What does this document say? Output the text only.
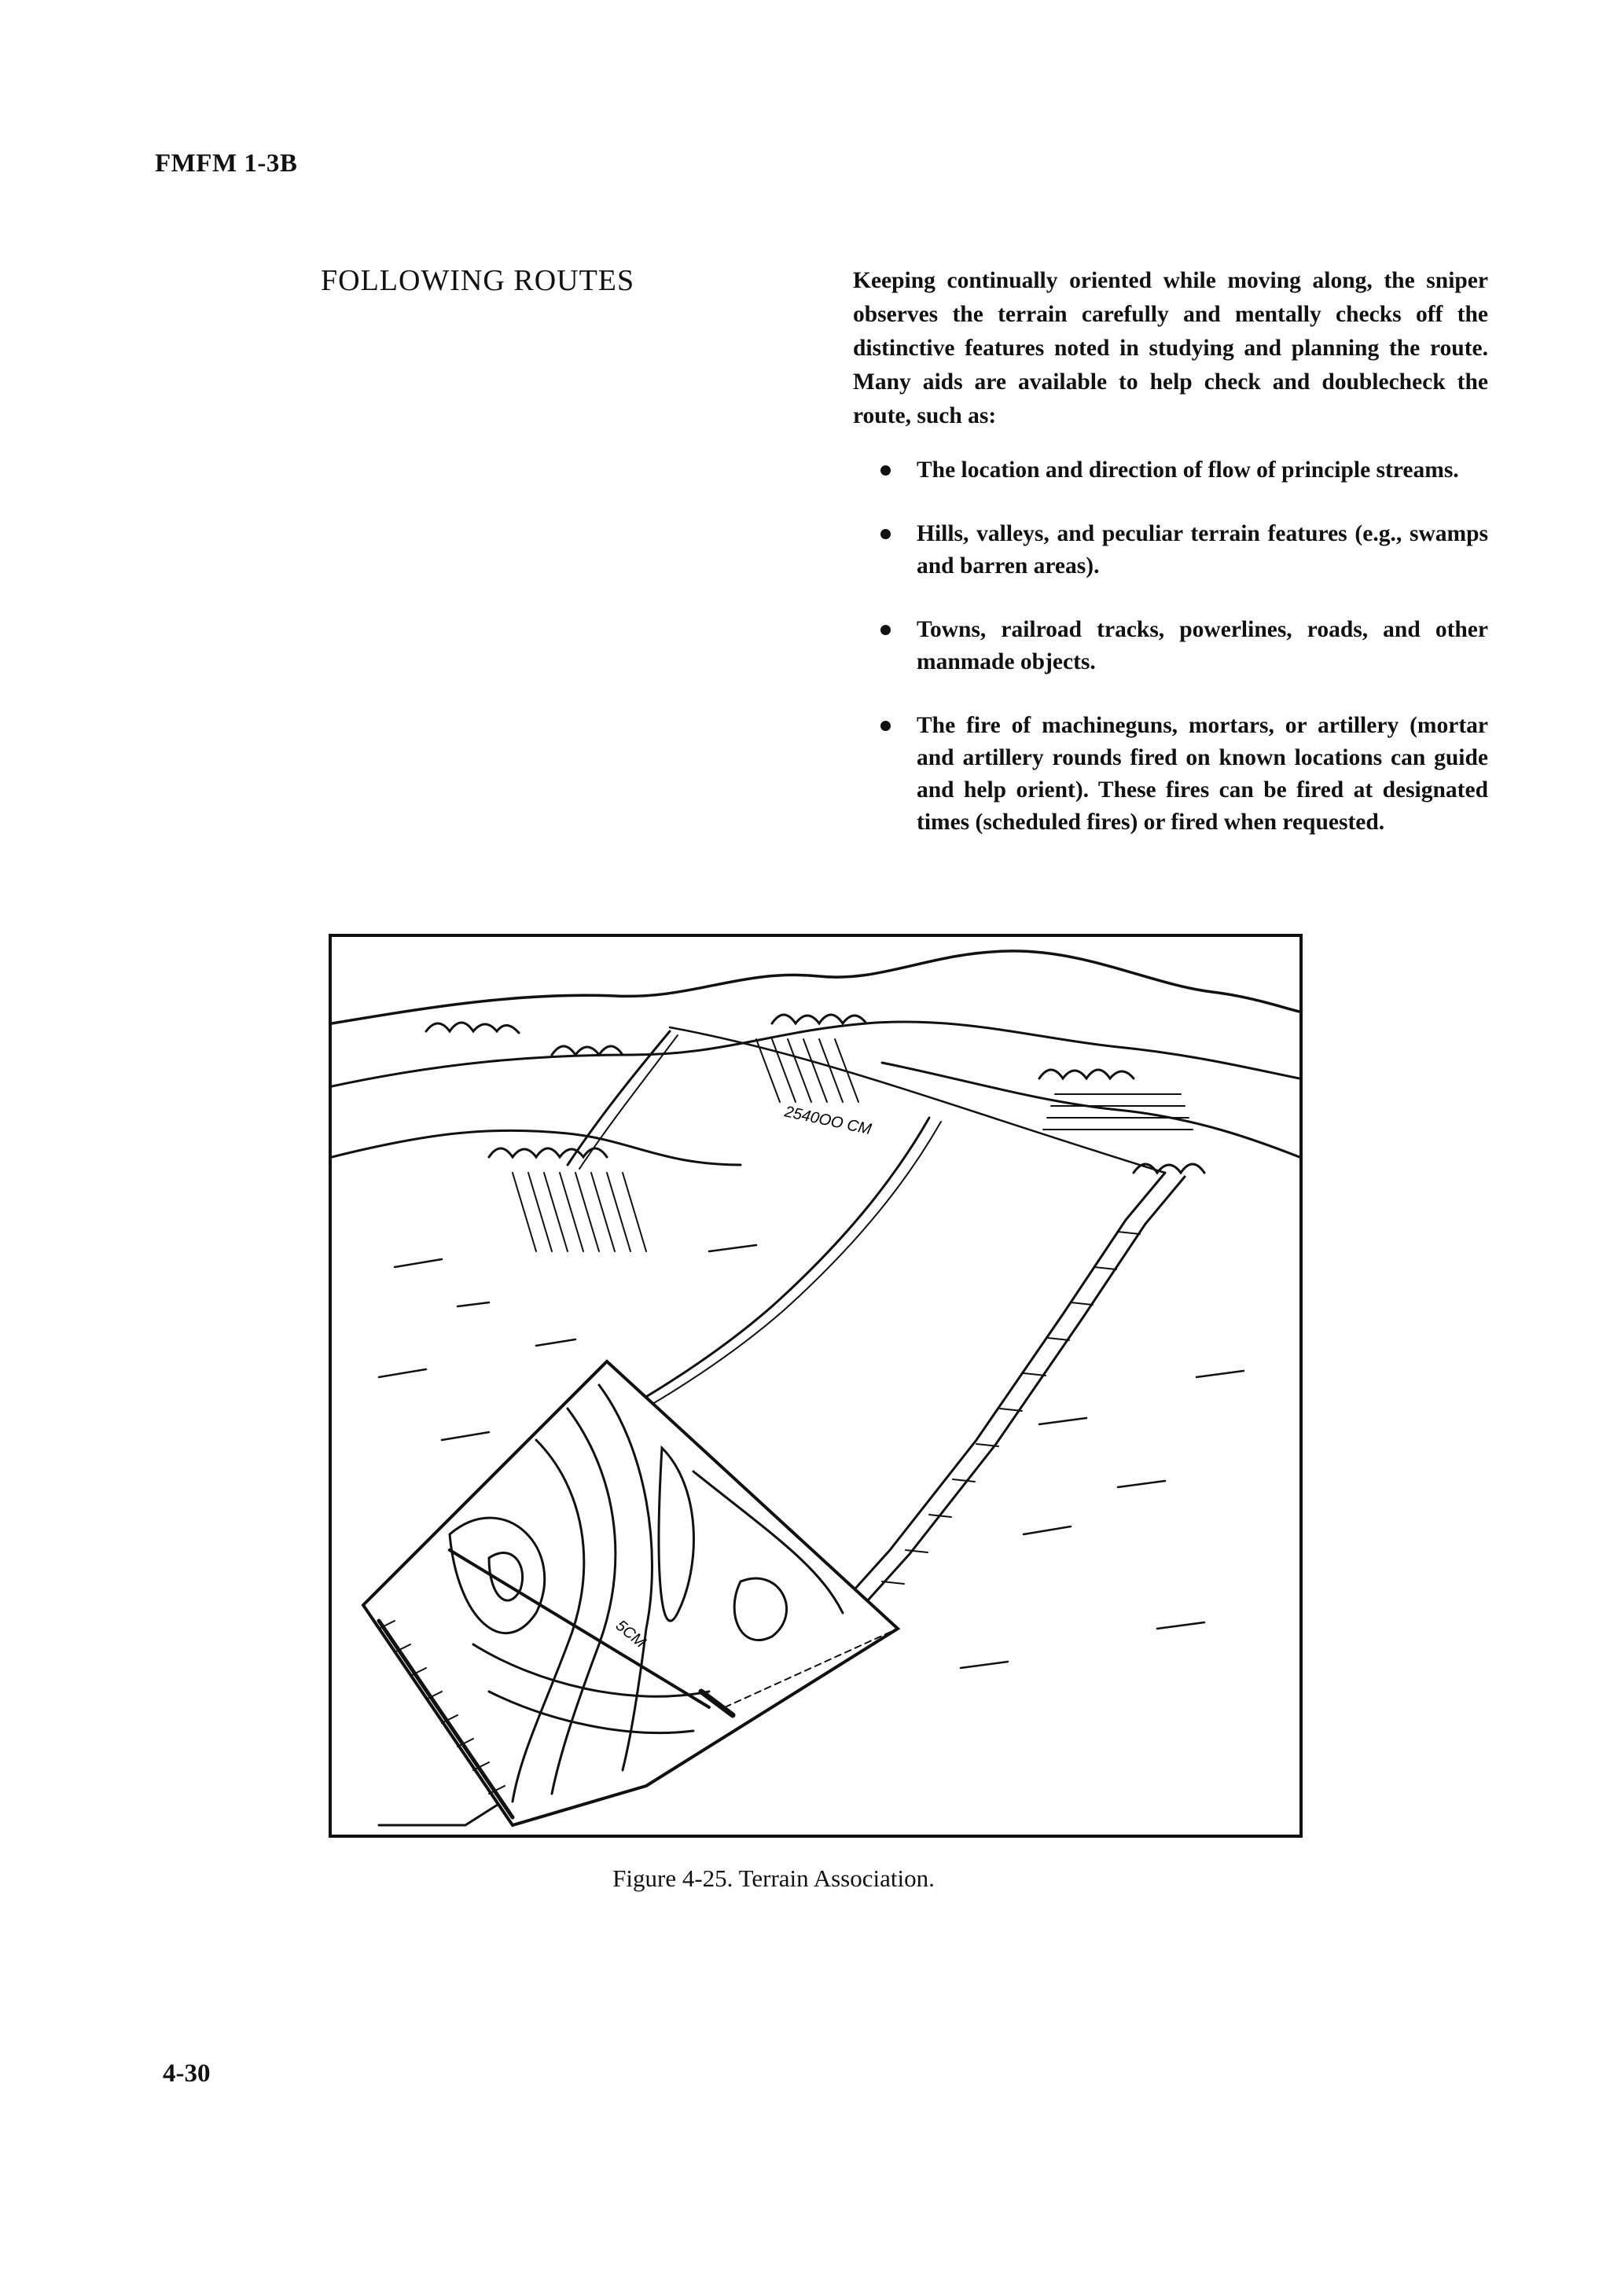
FMFM 1-3B
FOLLOWING ROUTES	Keeping continually oriented while moving along, the sniper observes the terrain carefully and mentally checks off the distinctive features noted in studying and planning the route. Many aids are available to help check and doublecheck the route, such as:
The location and direction of flow of principle streams.
Hills, valleys, and peculiar terrain features (e.g., swamps and barren areas).
Towns, railroad tracks, powerlines, roads, and other manmade objects.
The fire of machineguns, mortars, or artillery (mortar and artillery rounds fired on known locations can guide and help orient). These fires can be fired at designated times (scheduled fires) or fired when requested.
2540OO CM
5CM
Figure 4-25. Terrain Association.
4-30
